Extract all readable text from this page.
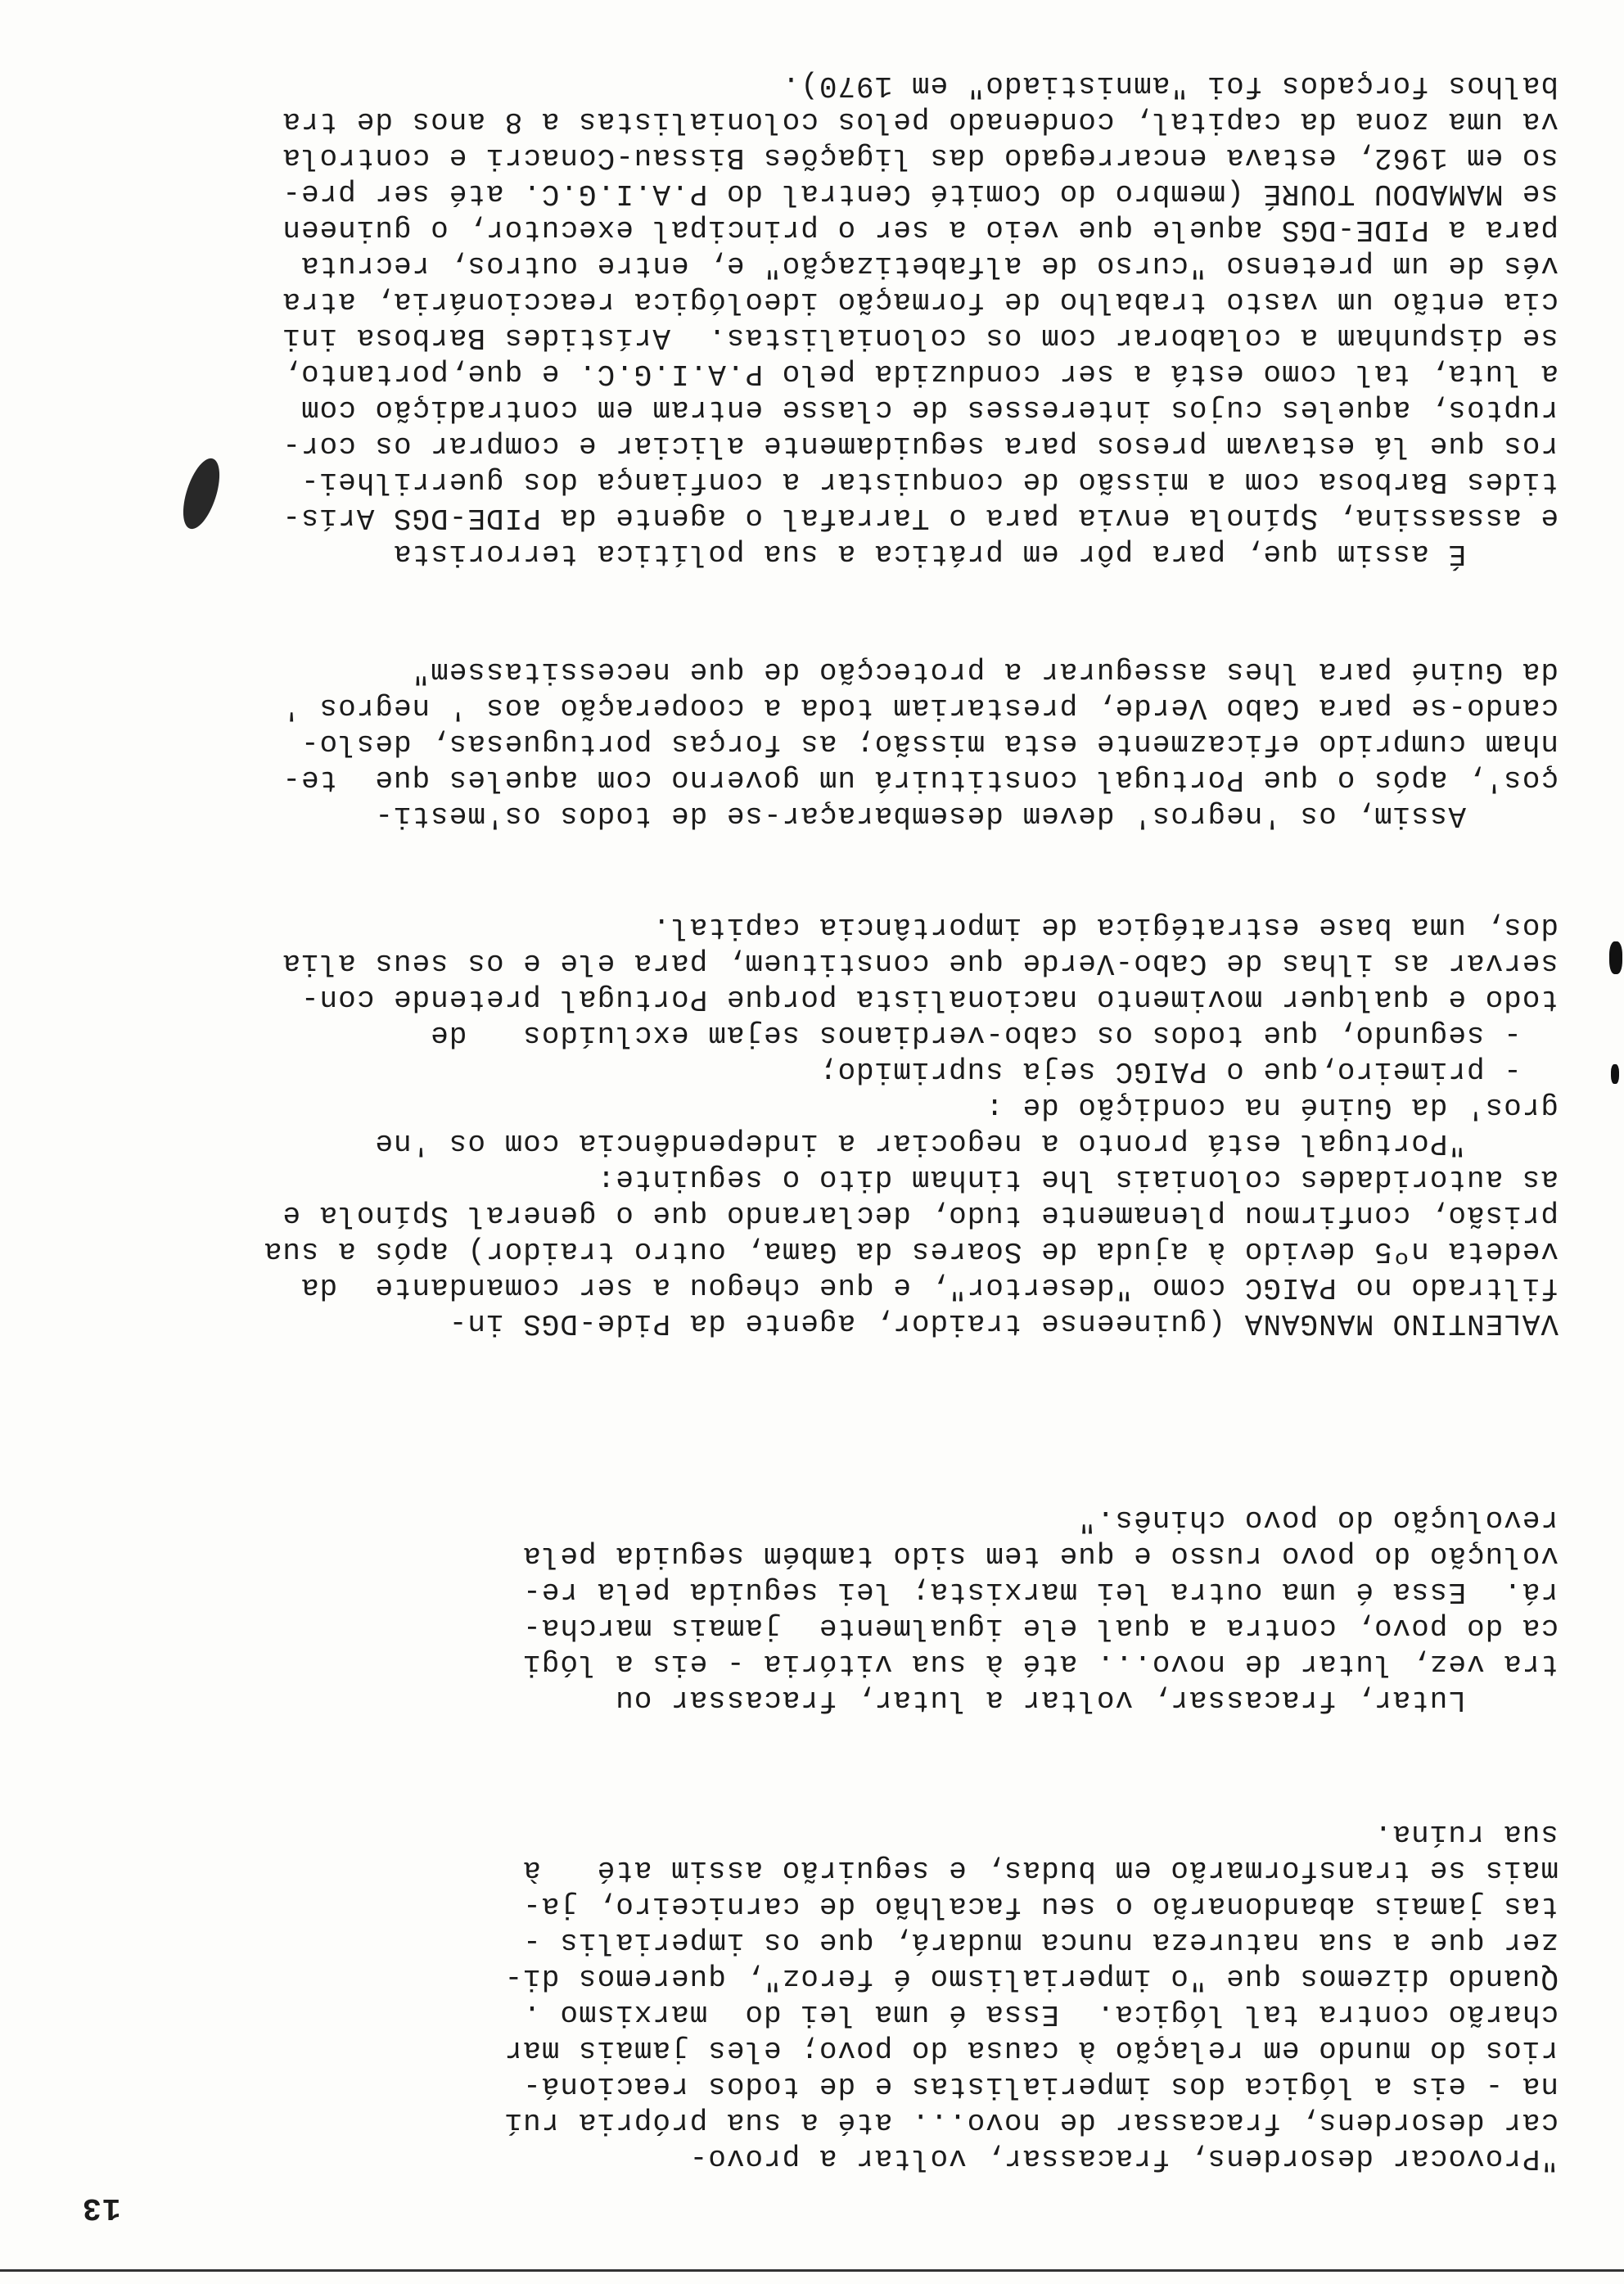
13
"Provocar desordens, fracassar, voltar a provo-
car desordens, fracassar de novo... até a sua própria ruí
na - eis a lógica dos imperialistas e de todos reacioná-
rios do mundo em relação à causa do povo; eles jamais mar
charão contra tal lógica.  Essa é uma lei do  marxismo .
Quando dizemos que "o imperialismo é feroz", queremos di-
zer que a sua natureza nunca mudará, que os imperialis -
tas jamais abandonarão o seu facalhão de carniceiro, ja-
mais se transformarão em budas, e seguirão assim até   à
sua ruína.
Lutar, fracassar, voltar a lutar, fracassar ou
tra vez, lutar de novo... até à sua vitória - eis a lógi
ca do povo, contra a qual ele igualmente  jamais marcha-
rá.  Essa é uma outra lei marxista; lei seguida pela re-
volução do povo russo e que tem sido também seguida pela
revolução do povo chinês."
VALENTINO MANGANA (guineense traidor, agente da Pide-DGS in-
filtrado no PAIGC como "desertor", e que chegou a ser comandante  da
vedeta nº5 devido à ajuda de Soares da Gama, outro traidor) após a sua
prisão, confirmou plenamente tudo, declarando que o general Spínola e
as autoridades coloniais lhe tinham dito o seguinte:
"Portugal está pronto a negociar a independência com os 'ne
gros' da Guiné na condição de :
- primeiro,que o PAIGC seja suprimido;
- segundo, que todos os cabo-verdianos sejam excluídos   de
todo e qualquer movimento nacionalista porque Portugal pretende con-
servar as ilhas de Cabo-Verde que constituem, para ele e os seus alia
dos, uma base estratégica de importância capital.
Assim, os 'negros' devem desembaraçar-se de todos os'mesti-
ços', após o que Portugal constituirá um governo com aqueles que  te-
nham cumprido eficazmente esta missão; as forças portuguesas, deslo-
cando-se para Cabo Verde, prestariam toda a cooperação aos ' negros '
da Guiné para lhes assegurar a protecção de que necessitassem"
É assim que, para pôr em prática a sua política terrorista
e assassina, Spínola envia para o Tarrafal o agente da PIDE-DGS Arís-
tides Barbosa com a missão de conquistar a confiança dos guerrilhei-
ros que lá estavam presos para seguidamente aliciar e comprar os cor-
ruptos, aqueles cujos interesses de classe entram em contradição com
a luta, tal como está a ser conduzida pelo P.A.I.G.C. e que,portanto,
se dispunham a colaborar com os colonialistas.  Arístides Barbosa ini
cia então um vasto trabalho de formação ideológica reaccionária, atra
vés de um pretenso "curso de alfabetização" e, entre outros, recruta
para a PIDE-DGS aquele que veio a ser o principal executor, o guineen
se MAMADOU TOURÉ (membro do Comité Central do P.A.I.G.C. até ser pre-
so em 1962, estava encarregado das ligações Bissau-Conacri e controla
va uma zona da capital, condenado pelos colonialistas a 8 anos de tra
balhos forçados foi "amnistiado" em 1970).
